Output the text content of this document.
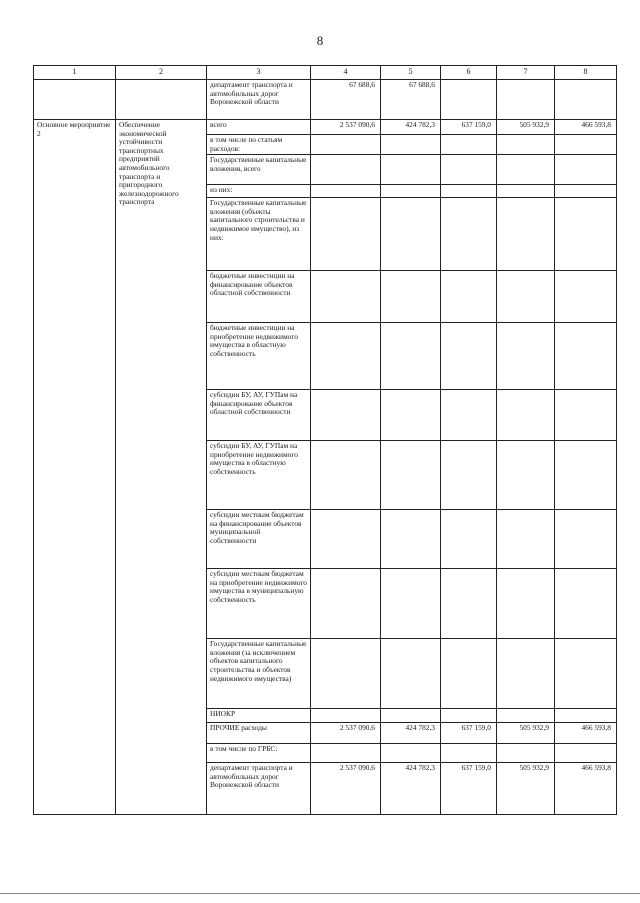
8
1	2	3	4	5	6	7	8
		департамент транспорта и автомобильных дорог Воронежской области	67 688,6	67 688,6			
Основное мероприятие 2	Обеспечение экономической устойчивости транспортных предприятий автомобильного транспорта и пригородного железнодорожного транспорта	всего	2 537 090,6	424 782,3	637 159,0	505 932,9	466 593,8
		в том числе по статьям расходов:					
		Государственные капитальные вложения, всего					
		из них:					
		Государственные капитальные вложения (объекты капитального строительства и недвижимое имущество), из них:					
		бюджетные инвестиции на финансирование объектов областной собственности					
		бюджетные инвестиции на приобретение недвижимого имущества в областную собственность					
		субсидии БУ, АУ, ГУПам на финансирование объектов областной собственности					
		субсидии БУ, АУ, ГУПам на приобретение недвижимого имущества в областную собственность					
		субсидии местным бюджетам на финансирование объектов муниципальной собственности					
		субсидии местным бюджетам на приобретение недвижимого имущества в муниципальную собственность					
		Государственные капитальные вложения (за исключением объектов капитального строительства и объектов недвижимого имущества)					
		НИОКР					
		ПРОЧИЕ расходы	2 537 090,6	424 782,3	637 159,0	505 932,9	466 593,8
		в том числе по ГРБС:					
		департамент транспорта и автомобильных дорог Воронежской области	2 537 090,6	424 782,3	637 159,0	505 932,9	466 593,8
